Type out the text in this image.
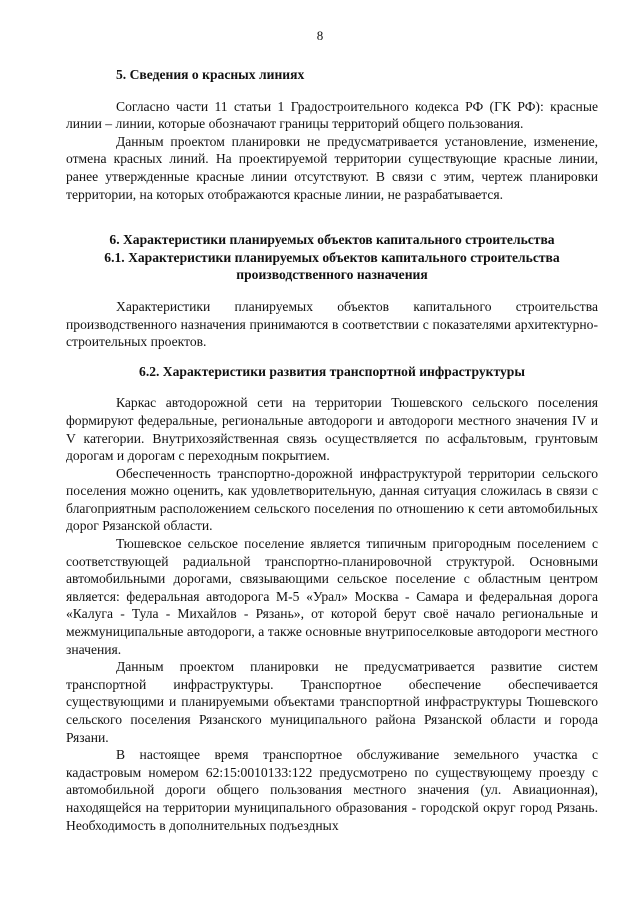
8
5. Сведения о красных линиях

Согласно части 11 статьи 1 Градостроительного кодекса РФ (ГК РФ): красные линии – линии, которые обозначают границы территорий общего пользования.

Данным проектом планировки не предусматривается установление, изменение, отмена красных линий. На проектируемой территории существующие красные линии, ранее утвержденные красные линии отсутствуют. В связи с этим, чертеж планировки территории, на которых отображаются красные линии, не разрабатывается.

6. Характеристики планируемых объектов капитального строительства
6.1. Характеристики планируемых объектов капитального строительства производственного назначения

Характеристики планируемых объектов капитального строительства производственного назначения принимаются в соответствии с показателями архитектурно-строительных проектов.

6.2. Характеристики развития транспортной инфраструктуры

Каркас автодорожной сети на территории Тюшевского сельского поселения формируют федеральные, региональные автодороги и автодороги местного значения IV и V категории. Внутрихозяйственная связь осуществляется по асфальтовым, грунтовым дорогам и дорогам с переходным покрытием.

Обеспеченность транспортно-дорожной инфраструктурой территории сельского поселения можно оценить, как удовлетворительную, данная ситуация сложилась в связи с благоприятным расположением сельского поселения по отношению к сети автомобильных дорог Рязанской области.

Тюшевское сельское поселение является типичным пригородным поселением с соответствующей радиальной транспортно-планировочной структурой. Основными автомобильными дорогами, связывающими сельское поселение с областным центром является: федеральная автодорога М-5 «Урал» Москва - Самара и федеральная дорога «Калуга - Тула - Михайлов - Рязань», от которой берут своё начало региональные и межмуниципальные автодороги, а также основные внутрипоселковые автодороги местного значения.

Данным проектом планировки не предусматривается развитие систем транспортной инфраструктуры. Транспортное обеспечение обеспечивается существующими и планируемыми объектами транспортной инфраструктуры Тюшевского сельского поселения Рязанского муниципального района Рязанской области и города Рязани.

В настоящее время транспортное обслуживание земельного участка с кадастровым номером 62:15:0010133:122 предусмотрено по существующему проезду с автомобильной дороги общего пользования местного значения (ул. Авиационная), находящейся на территории муниципального образования - городской округ город Рязань. Необходимость в дополнительных подъездных
